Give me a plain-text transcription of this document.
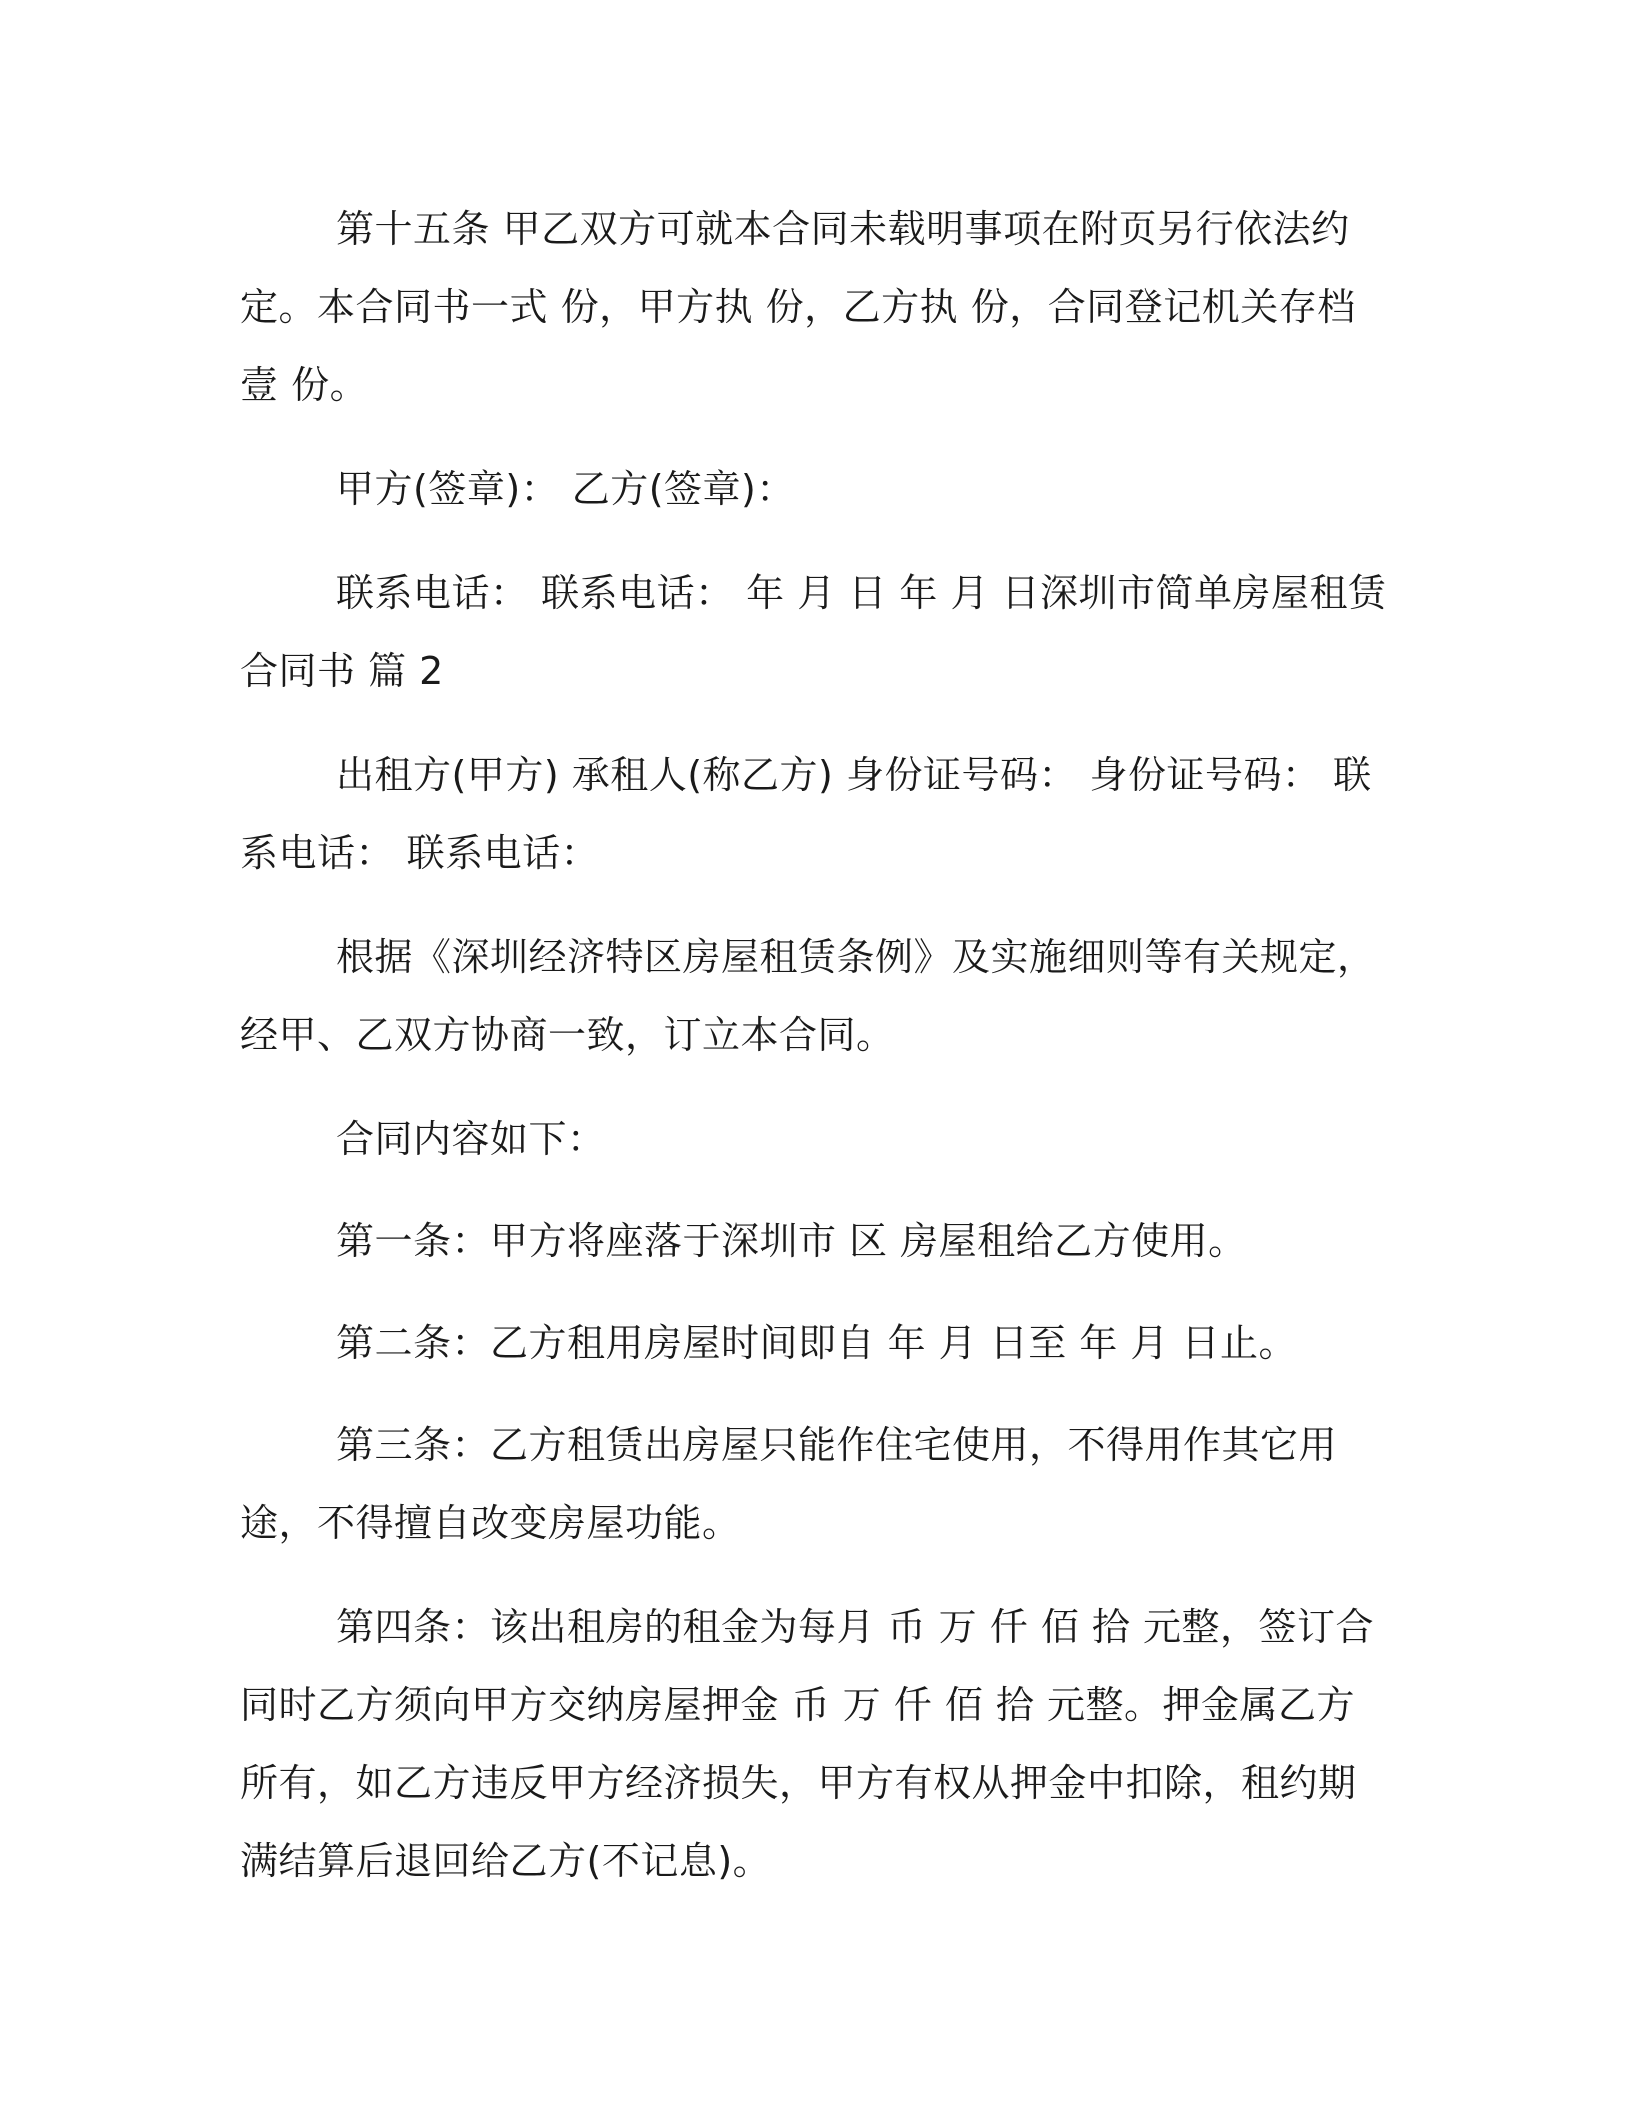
第十五条 甲乙双方可就本合同未载明事项在附页另行依法约定。本合同书一式 份，甲方执 份，乙方执 份，合同登记机关存档 壹 份。

甲方(签章)： 乙方(签章)：

联系电话： 联系电话： 年 月 日 年 月 日深圳市简单房屋租赁合同书 篇 2

出租方(甲方) 承租人(称乙方) 身份证号码： 身份证号码： 联系电话： 联系电话：

根据《深圳经济特区房屋租赁条例》及实施细则等有关规定，经甲、乙双方协商一致，订立本合同。

合同内容如下：

第一条：甲方将座落于深圳市 区 房屋租给乙方使用。

第二条：乙方租用房屋时间即自 年 月 日至 年 月 日止。

第三条：乙方租赁出房屋只能作住宅使用，不得用作其它用途，不得擅自改变房屋功能。

第四条：该出租房的租金为每月 币 万 仟 佰 拾 元整，签订合同时乙方须向甲方交纳房屋押金 币 万 仟 佰 拾 元整。押金属乙方所有，如乙方违反甲方经济损失，甲方有权从押金中扣除，租约期满结算后退回给乙方(不记息)。
